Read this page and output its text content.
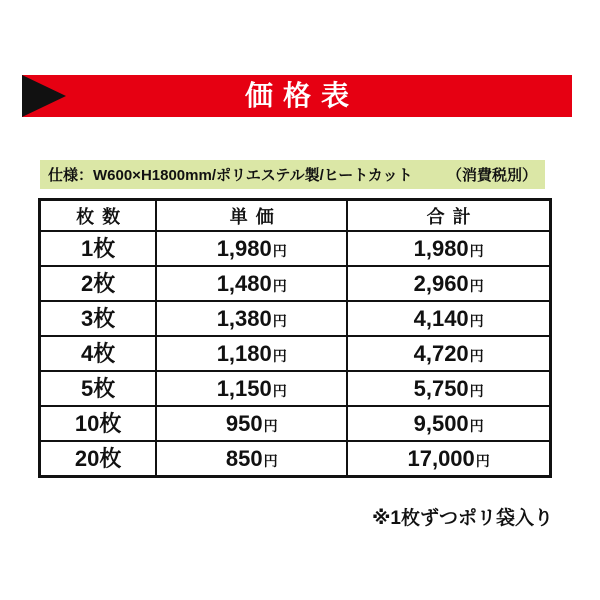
価格表
仕様：W600×H1800mm/ポリエステル製/ヒートカット （消費税別）
枚数	単価	合計
1枚	1,980円	1,980円
2枚	1,480円	2,960円
3枚	1,380円	4,140円
4枚	1,180円	4,720円
5枚	1,150円	5,750円
10枚	950円	9,500円
20枚	850円	17,000円
※1枚ずつポリ袋入り
